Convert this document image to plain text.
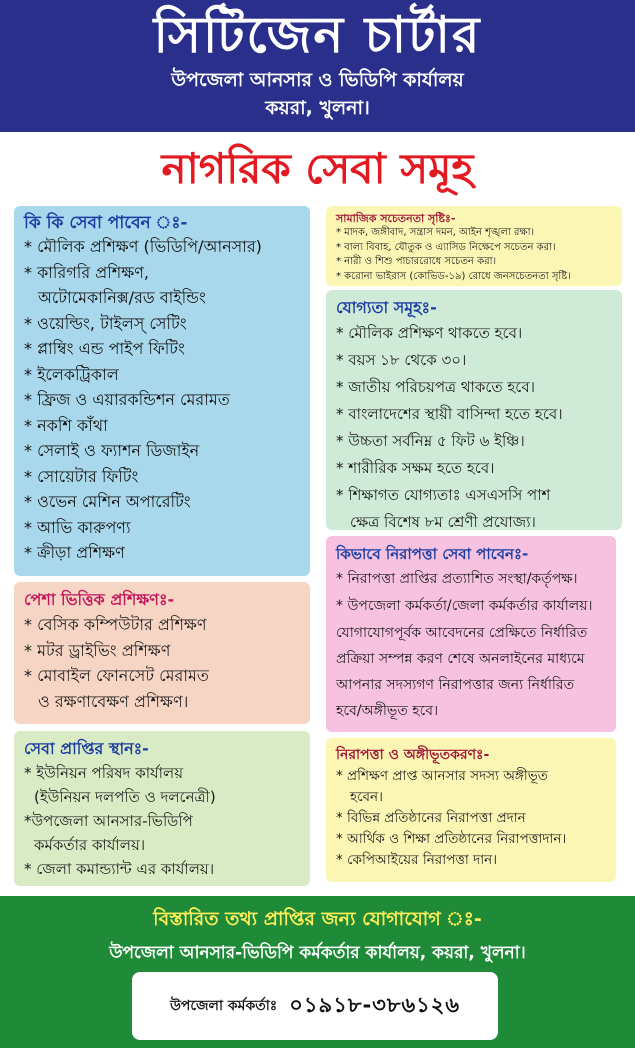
সিটিজেন চার্টার
উপজেলা আনসার ও ভিডিপি কার্যালয়
কয়রা, খুলনা।
নাগরিক সেবা সমূহ
কি কি সেবা পাবেন ঃ-
* মৌলিক প্রশিক্ষণ (ভিডিপি/আনসার)
* কারিগরি প্রশিক্ষণ,
অটোমেকানিক্স/রড বাইন্ডিং
* ওয়েল্ডিং, টাইলস্‌ সেটিং
* প্লাম্বিং এন্ড পাইপ ফিটিং
* ইলেকট্রিকাল
* ফ্রিজ ও এয়ারকন্ডিশন মেরামত
* নকশি কাঁথা
* সেলাই ও ফ্যাশন ডিজাইন
* সোয়েটার ফিটিং
* ওভেন মেশিন অপারেটিং
* আভি কারুপণ্য
* ক্রীড়া প্রশিক্ষণ
পেশা ভিত্তিক প্রশিক্ষণঃ-
* বেসিক কম্পিউটার প্রশিক্ষণ
* মটর ড্রাইভিং প্রশিক্ষণ
* মোবাইল ফোনসেট মেরামত
ও রক্ষণাবেক্ষণ প্রশিক্ষণ।
সেবা প্রাপ্তির স্থানঃ-
* ইউনিয়ন পরিষদ কার্যালয়
(ইউনিয়ন দলপতি ও দলনেত্রী)
*উপজেলা আনসার-ভিডিপি
কর্মকর্তার কার্যালয়।
* জেলা কমান্ড্যান্ট এর কার্যালয়।
সামাজিক সচেতনতা সৃষ্টিঃ-
* মাদক, জঙ্গীবাদ, সন্ত্রাস দমন, আইন শৃঙ্খলা রক্ষা।
* বাল্য বিবাহ, যৌতুক ও এ্যাসিড নিক্ষেপে সচেতন করা।
* নারী ও শিশু পাচাররোধে সচেতন করা।
* করোনা ভাইরাস (কোভিড-১৯) রোধে জনসচেতনতা সৃষ্টি।
যোগ্যতা সমূহঃ-
* মৌলিক প্রশিক্ষণ থাকতে হবে।
* বয়স ১৮ থেকে ৩০।
* জাতীয় পরিচয়পত্র থাকতে হবে।
* বাংলাদেশের স্থায়ী বাসিন্দা হতে হবে।
* উচ্চতা সর্বনিম্ন ৫ ফিট ৬ ইঞ্চি।
* শারীরিক সক্ষম হতে হবে।
* শিক্ষাগত যোগ্যতাঃ এসএসসি পাশ
ক্ষেত্র বিশেষ ৮ম শ্রেণী প্রযোজ্য।
কিভাবে নিরাপত্তা সেবা পাবেনঃ-
* নিরাপত্তা প্রাপ্তির প্রত্যাশিত সংস্থা/কর্তৃপক্ষ।
* উপজেলা কর্মকর্তা/জেলা কর্মকর্তার কার্যালয়।
যোগাযোগপূর্বক আবেদনের প্রেক্ষিতে নির্ধারিত
প্রক্রিয়া সম্পন্ন করণ শেষে অনলাইনের মাধ্যমে
আপনার সদস্যগণ নিরাপত্তার জন্য নির্ধারিত
হবে/অঙ্গীভূত হবে।
নিরাপত্তা ও অঙ্গীভূতকরণঃ-
* প্রশিক্ষণ প্রাপ্ত আনসার সদস্য অঙ্গীভূত
হবেন।
* বিভিন্ন প্রতিষ্ঠানের নিরাপত্তা প্রদান
* আর্থিক ও শিক্ষা প্রতিষ্ঠানের নিরাপত্তাদান।
* কেপিআইয়ের নিরাপত্তা দান।
বিস্তারিত তথ্য প্রাপ্তির জন্য যোগাযোগ ঃ-
উপজেলা আনসার-ভিডিপি কর্মকর্তার কার্যালয়, কয়রা, খুলনা।
উপজেলা কর্মকর্তাঃ ০১৯১৮-৩৮৬১২৬
